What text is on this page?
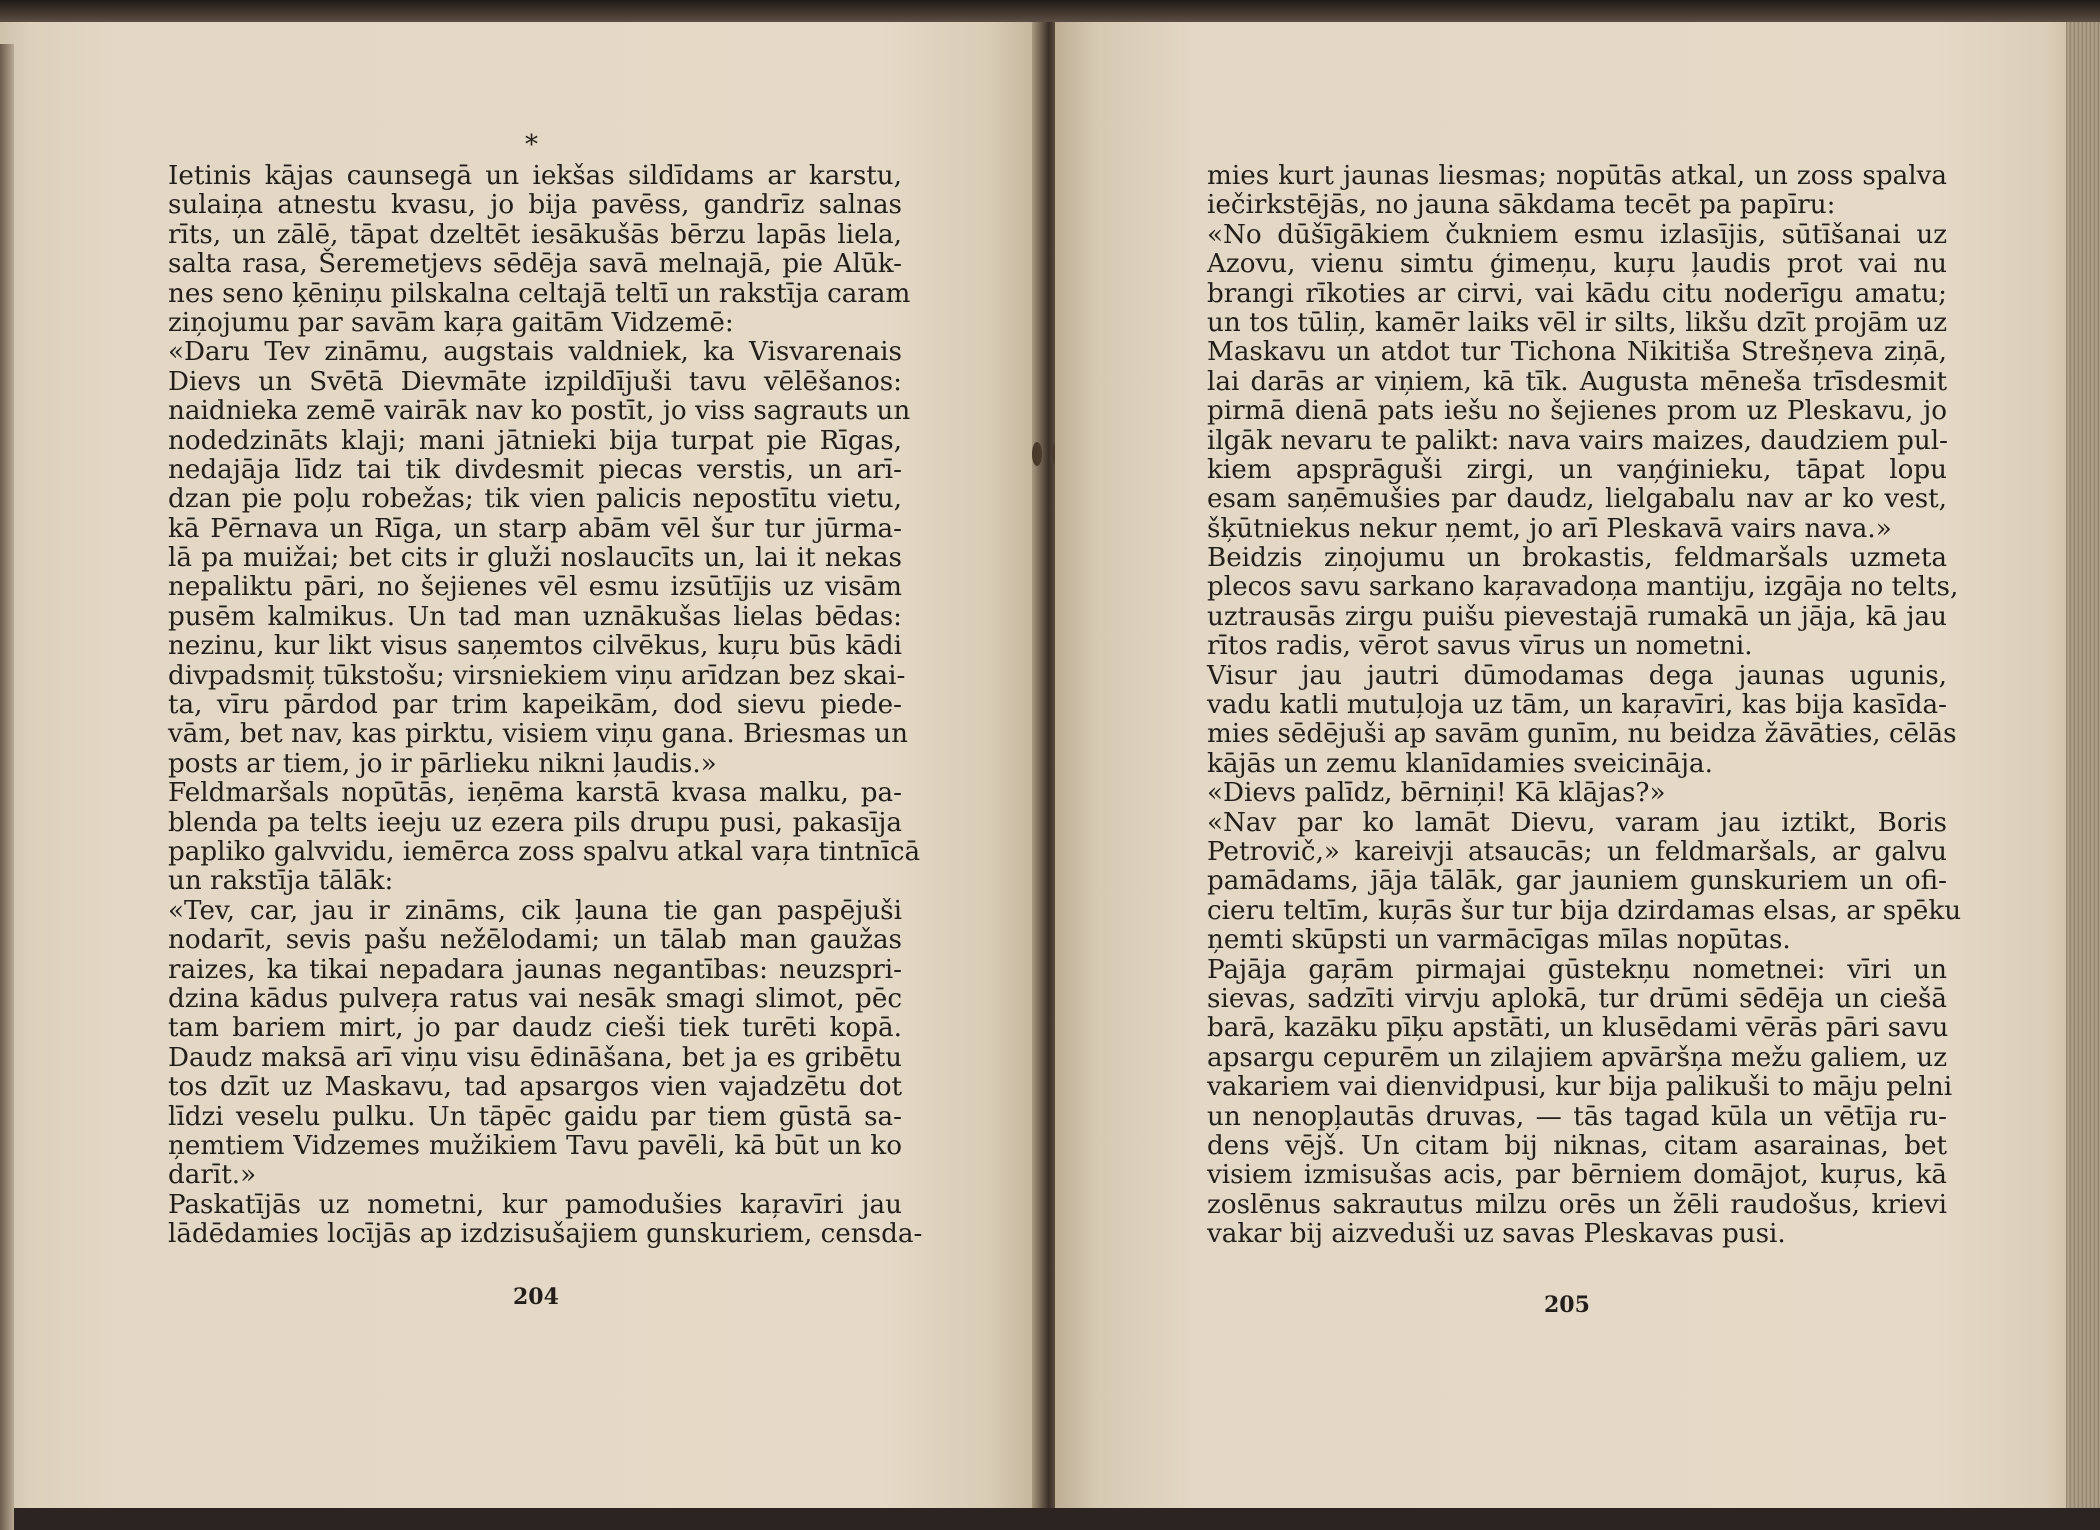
*
Ietinis kājas caunsegā un iekšas sildīdams ar karstu,
sulaiņa atnestu kvasu, jo bija pavēss, gandrīz salnas
rīts, un zālē, tāpat dzeltēt iesākušās bērzu lapās liela,
salta rasa, Šeremetjevs sēdēja savā melnajā, pie Alūk-
nes seno ķēniņu pilskalna celtajā teltī un rakstīja caram
ziņojumu par savām kaŗa gaitām Vidzemē:
«Daru Tev zināmu, augstais valdniek, ka Visvarenais
Dievs un Svētā Dievmāte izpildījuši tavu vēlēšanos:
naidnieka zemē vairāk nav ko postīt, jo viss sagrauts un
nodedzināts klaji; mani jātnieki bija turpat pie Rīgas,
nedajāja līdz tai tik divdesmit piecas verstis, un arī-
dzan pie poļu robežas; tik vien palicis nepostītu vietu,
kā Pērnava un Rīga, un starp abām vēl šur tur jūrma-
lā pa muižai; bet cits ir gluži noslaucīts un, lai it nekas
nepaliktu pāri, no šejienes vēl esmu izsūtījis uz visām
pusēm kalmikus. Un tad man uznākušas lielas bēdas:
nezinu, kur likt visus saņemtos cilvēkus, kuŗu būs kādi
divpadsmiț tūkstošu; virsniekiem viņu arīdzan bez skai-
ta, vīru pārdod par trim kapeikām, dod sievu piede-
vām, bet nav, kas pirktu, visiem viņu gana. Briesmas un
posts ar tiem, jo ir pārlieku nikni ļaudis.»
Feldmaršals nopūtās, ieņēma karstā kvasa malku, pa-
blenda pa telts ieeju uz ezera pils drupu pusi, pakasīja
papliko galvvidu, iemērca zoss spalvu atkal vaŗa tintnīcā
un rakstīja tālāk:
«Tev, car, jau ir zināms, cik ļauna tie gan paspējuši
nodarīt, sevis pašu nežēlodami; un tālab man gaužas
raizes, ka tikai nepadara jaunas negantības: neuzspri-
dzina kādus pulveŗa ratus vai nesāk smagi slimot, pēc
tam bariem mirt, jo par daudz cieši tiek turēti kopā.
Daudz maksā arī viņu visu ēdināšana, bet ja es gribētu
tos dzīt uz Maskavu, tad apsargos vien vajadzētu dot
līdzi veselu pulku. Un tāpēc gaidu par tiem gūstā sa-
ņemtiem Vidzemes mužikiem Tavu pavēli, kā būt un ko
darīt.»
Paskatījās uz nometni, kur pamodušies kaŗavīri jau
lādēdamies locījās ap izdzisušajiem gunskuriem, censda-
204
mies kurt jaunas liesmas; nopūtās atkal, un zoss spalva
iečirkstējās, no jauna sākdama tecēt pa papīru:
«No dūšīgākiem čukniem esmu izlasījis, sūtīšanai uz
Azovu, vienu simtu ģimeņu, kuŗu ļaudis prot vai nu
brangi rīkoties ar cirvi, vai kādu citu noderīgu amatu;
un tos tūliņ, kamēr laiks vēl ir silts, likšu dzīt projām uz
Maskavu un atdot tur Tichona Nikitiša Strešņeva ziņā,
lai darās ar viņiem, kā tīk. Augusta mēneša trīsdesmit
pirmā dienā pats iešu no šejienes prom uz Pleskavu, jo
ilgāk nevaru te palikt: nava vairs maizes, daudziem pul-
kiem apsprāguši zirgi, un vaņģinieku, tāpat lopu
esam saņēmušies par daudz, lielgabalu nav ar ko vest,
šķūtniekus nekur ņemt, jo arī Pleskavā vairs nava.»
Beidzis ziņojumu un brokastis, feldmaršals uzmeta
plecos savu sarkano kaŗavadoņa mantiju, izgāja no telts,
uztrausās zirgu puišu pievestajā rumakā un jāja, kā jau
rītos radis, vērot savus vīrus un nometni.
Visur jau jautri dūmodamas dega jaunas ugunis,
vadu katli mutuļoja uz tām, un kaŗavīri, kas bija kasīda-
mies sēdējuši ap savām gunīm, nu beidza žāvāties, cēlās
kājās un zemu klanīdamies sveicināja.
«Dievs palīdz, bērniņi! Kā klājas?»
«Nav par ko lamāt Dievu, varam jau iztikt, Boris
Petrovič,» kareivji atsaucās; un feldmaršals, ar galvu
pamādams, jāja tālāk, gar jauniem gunskuriem un ofi-
cieru teltīm, kuŗās šur tur bija dzirdamas elsas, ar spēku
ņemti skūpsti un varmācīgas mīlas nopūtas.
Pajāja gaŗām pirmajai gūstekņu nometnei: vīri un
sievas, sadzīti virvju aplokā, tur drūmi sēdēja un ciešā
barā, kazāku pīķu apstāti, un klusēdami vērās pāri savu
apsargu cepurēm un zilajiem apvāršņa mežu galiem, uz
vakariem vai dienvidpusi, kur bija palikuši to māju pelni
un nenopļautās druvas, — tās tagad kūla un vētīja ru-
dens vējš. Un citam bij niknas, citam asarainas, bet
visiem izmisušas acis, par bērniem domājot, kuŗus, kā
zoslēnus sakrautus milzu orēs un žēli raudošus, krievi
vakar bij aizveduši uz savas Pleskavas pusi.
205
